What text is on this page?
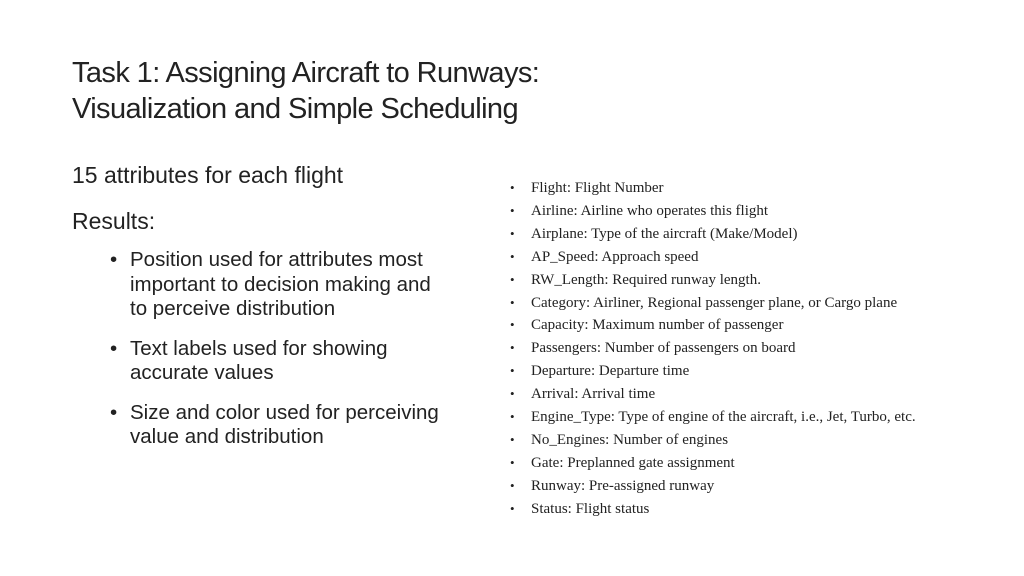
Task 1: Assigning Aircraft to Runways:
Visualization and Simple Scheduling

15 attributes for each flight

Results:

• Position used for attributes most important to decision making and to perceive distribution
• Text labels used for showing accurate values
• Size and color used for perceiving value and distribution
• Flight: Flight Number
• Airline: Airline who operates this flight
• Airplane: Type of the aircraft (Make/Model)
• AP_Speed: Approach speed
• RW_Length: Required runway length.
• Category: Airliner, Regional passenger plane, or Cargo plane
• Capacity: Maximum number of passenger
• Passengers: Number of passengers on board
• Departure: Departure time
• Arrival: Arrival time
• Engine_Type: Type of engine of the aircraft, i.e., Jet, Turbo, etc.
• No_Engines: Number of engines
• Gate: Preplanned gate assignment
• Runway: Pre-assigned runway
• Status: Flight status
